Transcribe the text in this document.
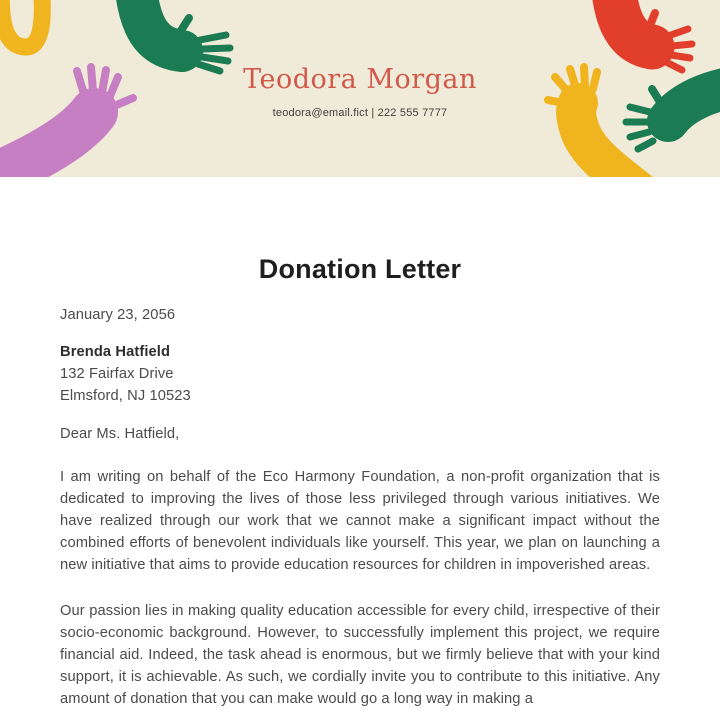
Teodora Morgan
teodora@email.fict | 222 555 7777
Donation Letter

January 23, 2056

Brenda Hatfield

132 Fairfax Drive

Elmsford, NJ 10523

Dear Ms. Hatfield,

I am writing on behalf of the Eco Harmony Foundation, a non-profit organization that is dedicated to improving the lives of those less privileged through various initiatives. We have realized through our work that we cannot make a significant impact without the combined efforts of benevolent individuals like yourself. This year, we plan on launching a new initiative that aims to provide education resources for children in impoverished areas.

Our passion lies in making quality education accessible for every child, irrespective of their socio-economic background. However, to successfully implement this project, we require financial aid. Indeed, the task ahead is enormous, but we firmly believe that with your kind support, it is achievable. As such, we cordially invite you to contribute to this initiative. Any amount of donation that you can make would go a long way in making a
